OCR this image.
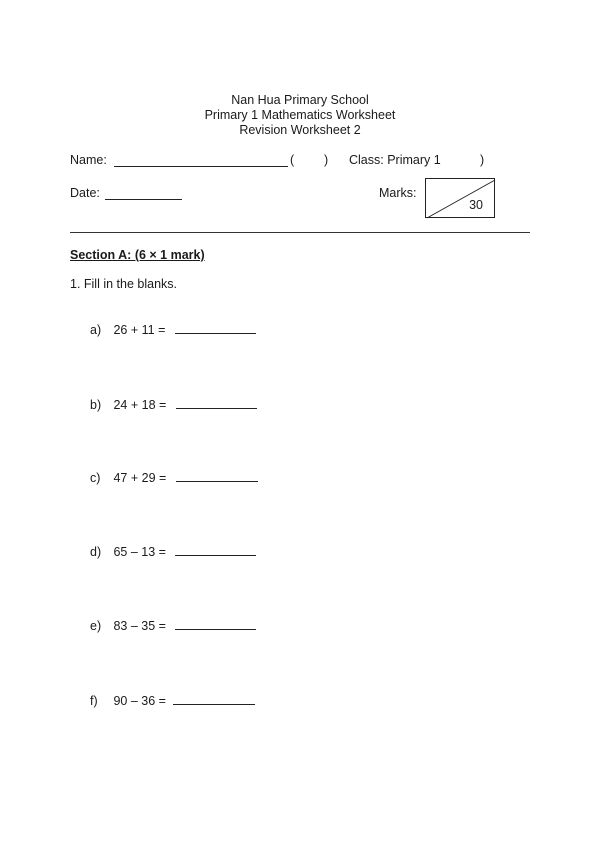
Nan Hua Primary School
Primary 1 Mathematics Worksheet
Revision Worksheet 2
Name:	( ) Class: Primary 1	)
Date:	Marks:
30
Section A: (6 × 1 mark)
1. Fill in the blanks.
a) 26 + 11 =
b) 24 + 18 =
c) 47 + 29 =
d) 65 – 13 =
e) 83 – 35 =
f) 90 – 36 =
